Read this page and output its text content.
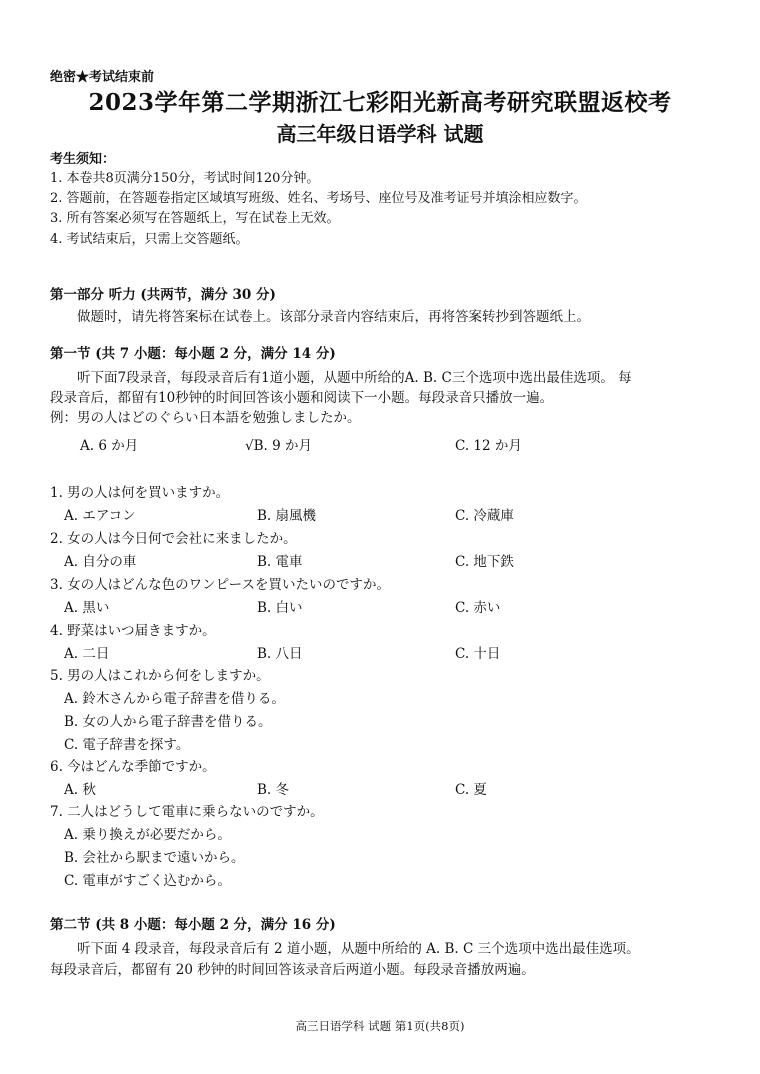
绝密★考试结束前
2023学年第二学期浙江七彩阳光新高考研究联盟返校考
高三年级日语学科 试题
考生须知：
1. 本卷共8页满分150分，考试时间120分钟。
2. 答题前，在答题卷指定区域填写班级、姓名、考场号、座位号及准考证号并填涂相应数字。
3. 所有答案必须写在答题纸上，写在试卷上无效。
4. 考试结束后，只需上交答题纸。
第一部分 听力 (共两节，满分 30 分)
做题时，请先将答案标在试卷上。该部分录音内容结束后，再将答案转抄到答题纸上。
第一节 (共 7 小题：每小题 2 分，满分 14 分)
听下面7段录音，每段录音后有1道小题，从题中所给的A. B. C三个选项中选出最佳选项。 每
段录音后，都留有10秒钟的时间回答该小题和阅读下一小题。每段录音只播放一遍。
例：男の人はどのぐらい日本語を勉強しましたか。
A. 6 か月	√B. 9 か月	C. 12 か月
1. 男の人は何を買いますか。
A. エアコン	B. 扇風機	C. 冷蔵庫
2. 女の人は今日何で会社に来ましたか。
A. 自分の車	B. 電車	C. 地下鉄
3. 女の人はどんな色のワンピースを買いたいのですか。
A. 黒い	B. 白い	C. 赤い
4. 野菜はいつ届きますか。
A. 二日	B. 八日	C. 十日
5. 男の人はこれから何をしますか。
A. 鈴木さんから電子辞書を借りる。
B. 女の人から電子辞書を借りる。
C. 電子辞書を探す。
6. 今はどんな季節ですか。
A. 秋	B. 冬	C. 夏
7. 二人はどうして電車に乗らないのですか。
A. 乗り換えが必要だから。
B. 会社から駅まで遠いから。
C. 電車がすごく込むから。
第二节 (共 8 小题：每小题 2 分，满分 16 分)
听下面 4 段录音，每段录音后有 2 道小题，从题中所给的 A. B. C 三个选项中选出最佳选项。
每段录音后，都留有 20 秒钟的时间回答该录音后两道小题。每段录音播放两遍。
高三日语学科 试题 第1页(共8页)
